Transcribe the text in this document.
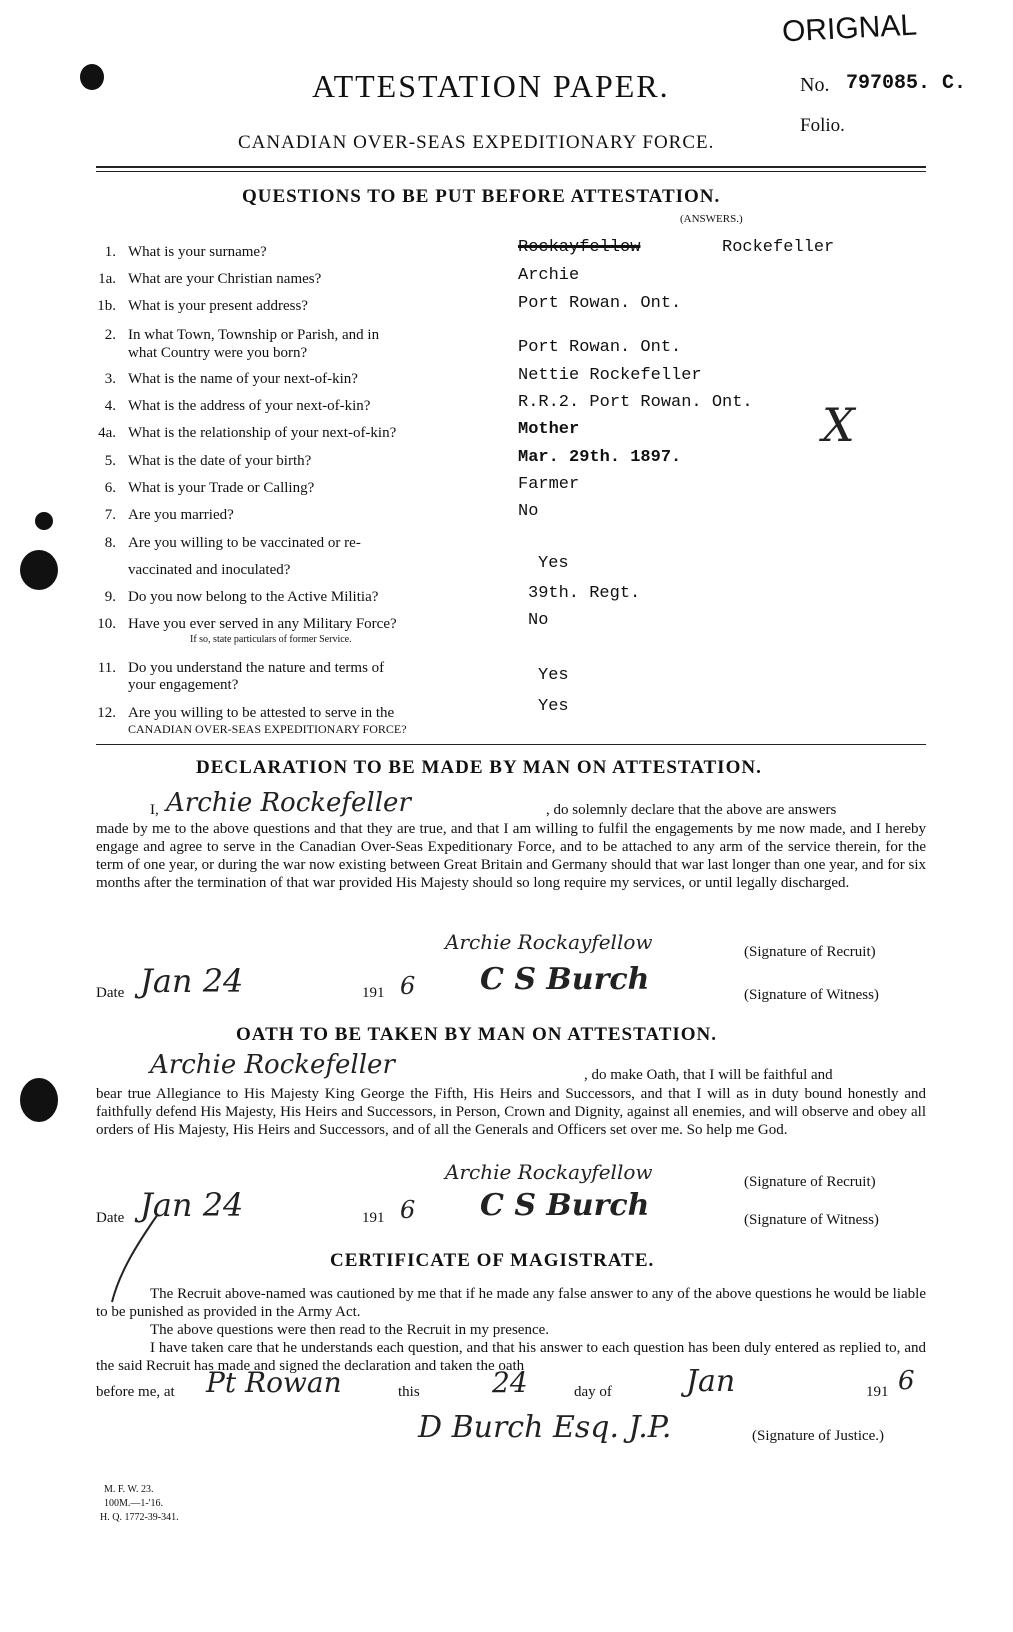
ORIGNAL
ATTESTATION PAPER.	No. 797085. C.
Folio.
CANADIAN OVER-SEAS EXPEDITIONARY FORCE.
QUESTIONS TO BE PUT BEFORE ATTESTATION.
(ANSWERS.)
1. What is your surname?	Rockayfellow	Rockefeller
1a. What are your Christian names?	Archie
1b. What is your present address?	Port Rowan. Ont.
2. In what Town, Township or Parish, and in
what Country were you born?	Port Rowan. Ont.
3. What is the name of your next-of-kin?	Nettie Rockefeller
4. What is the address of your next-of-kin?	R.R.2. Port Rowan. Ont.
4a. What is the relationship of your next-of-kin?	Mother	X
5. What is the date of your birth?	Mar. 29th. 1897.
6. What is your Trade or Calling?	Farmer
7. Are you married?	No
8. Are you willing to be vaccinated or re-
vaccinated and inoculated?	Yes
9. Do you now belong to the Active Militia?	39th. Regt.
10. Have you ever served in any Military Force?
If so, state particulars of former Service.
No
11. Do you understand the nature and terms of
your engagement?	Yes
12. Are you willing to be attested to serve in the
CANADIAN OVER-SEAS EXPEDITIONARY FORCE?
Yes
DECLARATION TO BE MADE BY MAN ON ATTESTATION.
I, Archie Rockefeller	, do solemnly declare that the above are answers
made by me to the above questions and that they are true, and that I am willing to fulfil the engagements by me now made, and I hereby engage and agree to serve in the Canadian Over-Seas Expeditionary Force, and to be attached to any arm of the service therein, for the term of one year, or during the war now existing between Great Britain and Germany should that war last longer than one year, and for six months after the termination of that war provided His Majesty should so long require my services, or until legally discharged.
Archie Rockayfellow	(Signature of Recruit)
Date Jan 24	191 6 C S Burch	(Signature of Witness)
OATH TO BE TAKEN BY MAN ON ATTESTATION.
Archie Rockefeller	, do make Oath, that I will be faithful and
bear true Allegiance to His Majesty King George the Fifth, His Heirs and Successors, and that I will as in duty bound honestly and faithfully defend His Majesty, His Heirs and Successors, in Person, Crown and Dignity, against all enemies, and will observe and obey all orders of His Majesty, His Heirs and Successors, and of all the Generals and Officers set over me. So help me God.
Archie Rockayfellow	(Signature of Recruit)
Date Jan 24	191 6 C S Burch	(Signature of Witness)
CERTIFICATE OF MAGISTRATE.
The Recruit above-named was cautioned by me that if he made any false answer to any of the above questions he would be liable to be punished as provided in the Army Act.
The above questions were then read to the Recruit in my presence.
I have taken care that he understands each question, and that his answer to each question has been duly entered as replied to, and the said Recruit has made and signed the declaration and taken the oath
before me, at Pt Rowan	this	24	day of Jan	191 6
D Burch Esq. J.P.	(Signature of Justice.)
M. F. W. 23.
100M.—1-'16.
H. Q. 1772-39-341.
